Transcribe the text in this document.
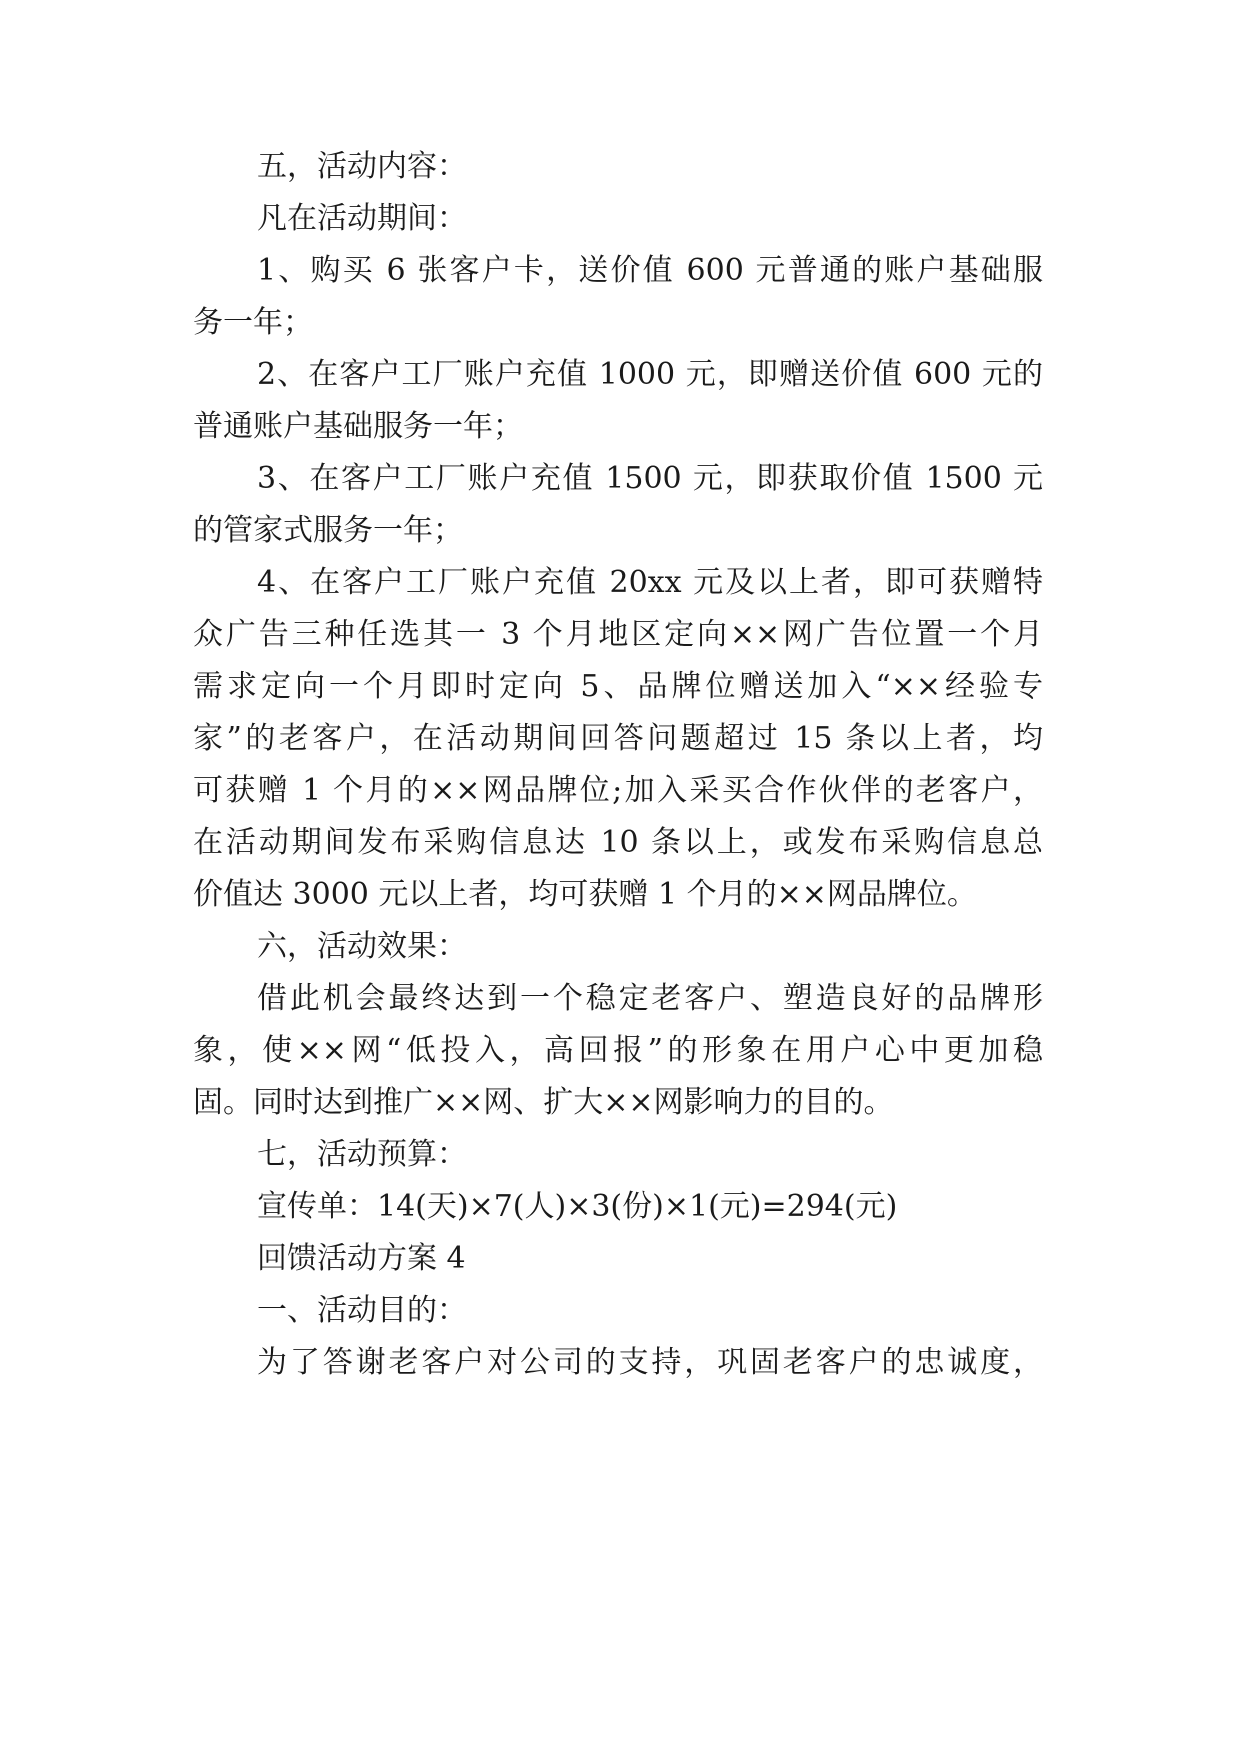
五，活动内容：
凡在活动期间：
1、购买 6 张客户卡，送价值 600 元普通的账户基础服
务一年；
2、在客户工厂账户充值 1000 元，即赠送价值 600 元的
普通账户基础服务一年；
3、在客户工厂账户充值 1500 元，即获取价值 1500 元
的管家式服务一年；
4、在客户工厂账户充值 20xx 元及以上者，即可获赠特
众广告三种任选其一 3 个月地区定向××网广告位置一个月
需求定向一个月即时定向 5、品牌位赠送加入“××经验专
家”的老客户，在活动期间回答问题超过 15 条以上者，均
可获赠 1 个月的××网品牌位;加入采买合作伙伴的老客户，
在活动期间发布采购信息达 10 条以上，或发布采购信息总
价值达 3000 元以上者，均可获赠 1 个月的××网品牌位。
六，活动效果：
借此机会最终达到一个稳定老客户、塑造良好的品牌形
象，使××网“低投入，高回报”的形象在用户心中更加稳
固。同时达到推广××网、扩大××网影响力的目的。
七，活动预算：
宣传单：14(天)×7(人)×3(份)×1(元)=294(元)
回馈活动方案 4
一、活动目的：
为了答谢老客户对公司的支持，巩固老客户的忠诚度，
